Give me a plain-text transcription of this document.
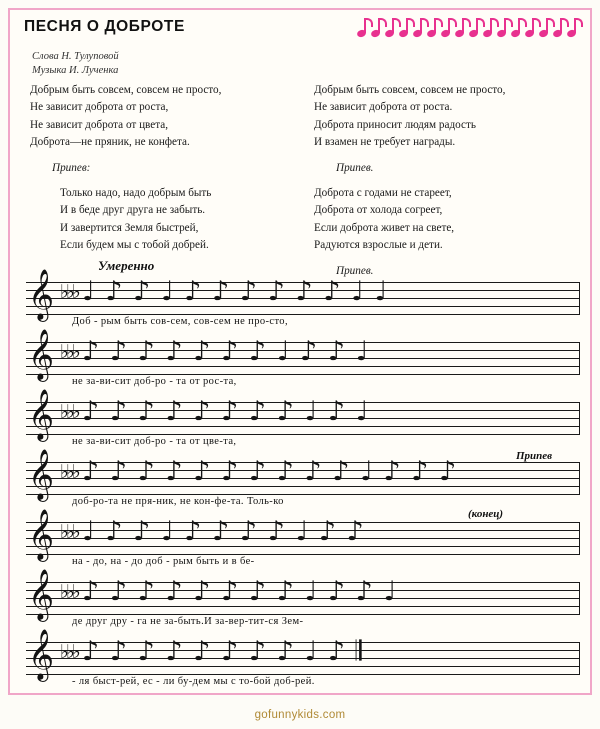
ПЕСНЯ О ДОБРОТЕ
Слова Н. Тулуповой
Музыка И. Лученка
Добрым быть совсем, совсем не просто,
Не зависит доброта от роста,
Не зависит доброта от цвета,
Доброта—не пряник, не конфета.
Припев:
Только надо, надо добрым быть
И в беде друг друга не забыть.
И завертится Земля быстрей,
Если будем мы с тобой добрей.
Добрым быть совсем, совсем не просто,
Не зависит доброта от роста.
Доброта приносит людям радость
И взамен не требует награды.
Припев.
Доброта с годами не стареет,
Доброта от холода согреет,
Если доброта живет на свете,
Радуются взрослые и дети.
Припев.
Умеренно
𝄞 ♭♭♭ ♩ ♪ ♪ ♩ ♪ ♪ ♪ ♪ ♪ ♪ ♩ ♩
Доб - рым быть сов-сем, сов-сем не про-сто,
𝄞 ♭♭♭ ♪ ♪ ♪ ♪ ♪ ♪ ♪ ♩ ♪ ♪ ♩
не за-ви-сит доб-ро - та от рос-та,
𝄞 ♭♭♭ ♪ ♪ ♪ ♪ ♪ ♪ ♪ ♪ ♩ ♪ ♩
не за-ви-сит доб-ро - та от цве-та,
Припев
𝄞 ♭♭♭ ♪ ♪ ♪ ♪ ♪ ♪ ♪ ♪ ♪ ♪ ♩ ♪ ♪ ♪
доб-ро-та не пря-ник, не кон-фе-та. Толь-ко
(конец)
𝄞 ♭♭♭ ♩ ♪ ♪ ♩ ♪ ♪ ♪ ♪ ♩ ♪ ♪
на - до, на - до доб - рым быть и в бе-
𝄞 ♭♭♭ ♪ ♪ ♪ ♪ ♪ ♪ ♪ ♪ ♩ ♪ ♪ ♩
де друг дру - га не за-быть.И за-вер-тит-ся Зем-
𝄞 ♭♭♭ ♪ ♪ ♪ ♪ ♪ ♪ ♪ ♪ ♩ ♪ 𝄂
- ля быст-рей, ес - ли бу-дем мы с то-бой доб-рей.
gofunnykids.com
